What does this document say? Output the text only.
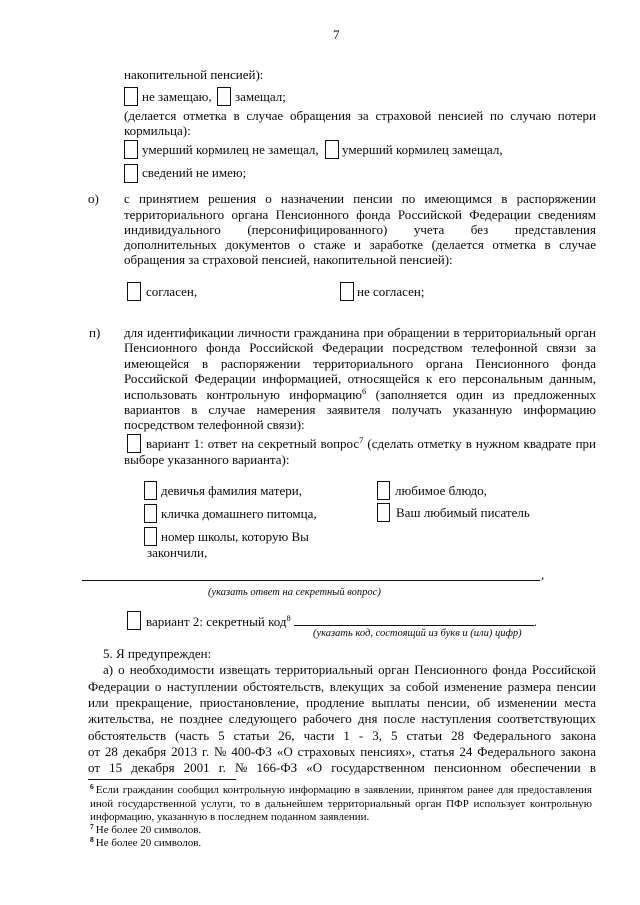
7
накопительной пенсией):
не замещаю, замещал;
(делается отметка в случае обращения за страховой пенсией по случаю потери
кормильца):
умерший кормилец не замещал, умерший кормилец замещал,
сведений не имею;
о) с принятием решения о назначении пенсии по имеющимся в распоряжении
территориального органа Пенсионного фонда Российской Федерации сведениям
индивидуального (персонифицированного) учета без представления
дополнительных документов о стаже и заработке (делается отметка в случае
обращения за страховой пенсией, накопительной пенсией):
согласен,	не согласен;
п) для идентификации личности гражданина при обращении в территориальный орган
Пенсионного фонда Российской Федерации посредством телефонной связи за
имеющейся в распоряжении территориального органа Пенсионного фонда
Российской Федерации информацией, относящейся к его персональным данным,
использовать контрольную информацию$^6$ (заполняется один из предложенных
вариантов в случае намерения заявителя получать указанную информацию
посредством телефонной связи):
вариант 1: ответ на секретный вопрос$^7$ (сделать отметку в нужном квадрате при
выборе указанного варианта):
девичья фамилия матери,	любимое блюдо,
кличка домашнего питомца,	Ваш любимый писатель
номер школы, которую Вы
закончили,
,
(указать ответ на секретный вопрос)
вариант 2: секретный код$^8$	.
(указать код, состоящий из букв и (или) цифр)
5. Я предупрежден:
а) о необходимости извещать территориальный орган Пенсионного фонда Российской
Федерации о наступлении обстоятельств, влекущих за собой изменение размера пенсии
или прекращение, приостановление, продление выплаты пенсии, об изменении места
жительства, не позднее следующего рабочего дня после наступления соответствующих
обстоятельств (часть 5 статьи 26, части 1 - 3, 5 статьи 28 Федерального закона
от 28 декабря 2013 г. № 400-ФЗ «О страховых пенсиях», статья 24 Федерального закона
от 15 декабря 2001 г. № 166-ФЗ «О государственном пенсионном обеспечении в
$^6$ Если гражданин сообщил контрольную информацию в заявлении, принятом ранее для предоставления
иной государственной услуги, то в дальнейшем территориальный орган ПФР использует контрольную
информацию, указанную в последнем поданном заявлении.
$^7$ Не более 20 символов.
$^8$ Не более 20 символов.
